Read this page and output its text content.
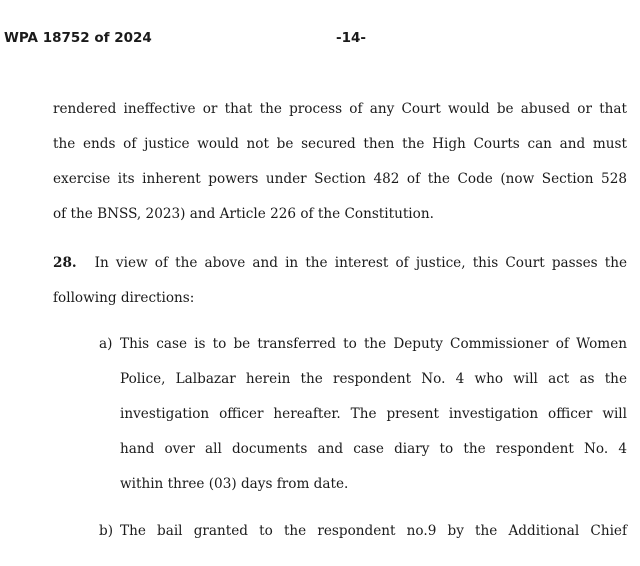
WPA 18752 of 2024	-14-
rendered ineffective or that the process of any Court would be abused or that
the ends of justice would not be secured then the High Courts can and must
exercise its inherent powers under Section 482 of the Code (now Section 528
of the BNSS, 2023) and Article 226 of the Constitution.
28. In view of the above and in the interest of justice, this Court passes the
following directions:
a) This case is to be transferred to the Deputy Commissioner of Women
Police, Lalbazar herein the respondent No. 4 who will act as the
investigation officer hereafter. The present investigation officer will
hand over all documents and case diary to the respondent No. 4
within three (03) days from date.
b) The bail granted to the respondent no.9 by the Additional Chief
